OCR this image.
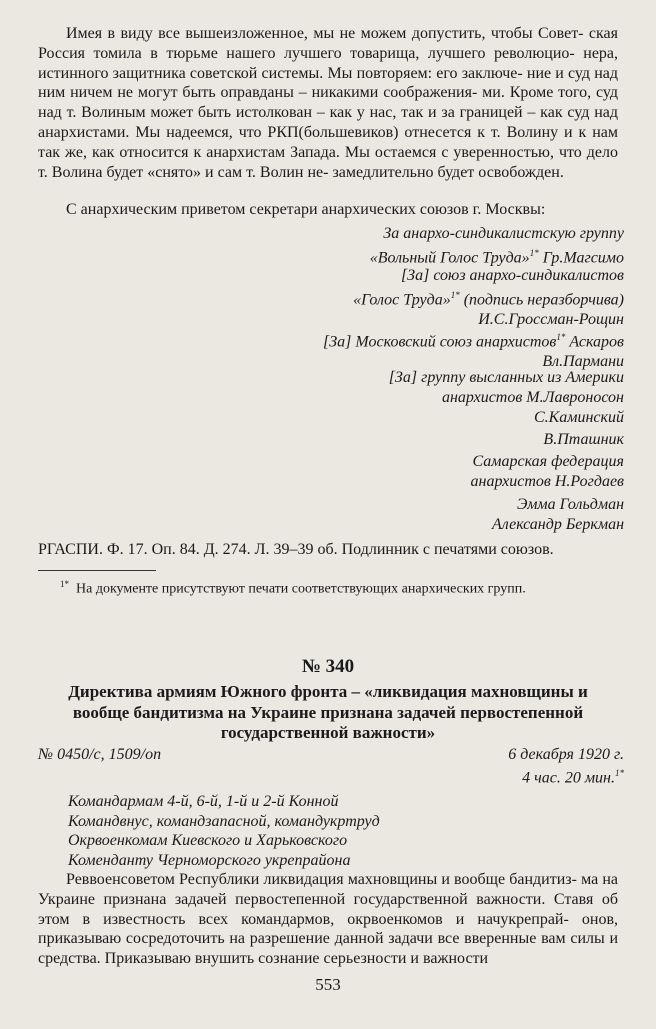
Имея в виду все вышеизложенное, мы не можем допустить, чтобы Совет- ская Россия томила в тюрьме нашего лучшего товарища, лучшего революцио- нера, истинного защитника советской системы. Мы повторяем: его заключе- ние и суд над ним ничем не могут быть оправданы – никакими соображения- ми. Кроме того, суд над т. Волиным может быть истолкован – как у нас, так и за границей – как суд над анархистами. Мы надеемся, что РКП(большевиков) отнесется к т. Волину и к нам так же, как относится к анархистам Запада. Мы остаемся с уверенностью, что дело т. Волина будет «снято» и сам т. Волин не- замедлительно будет освобожден.

С анархическим приветом секретари анархических союзов г. Москвы:

За анархо-синдикалистскую группу
«Вольный Голос Труда»$^{1*}$ Гр.Магсимо
[За] союз анархо-синдикалистов
«Голос Труда»$^{1*}$ (подпись неразборчива)
И.С.Гроссман-Рощин
[За] Московский союз анархистов$^{1*}$ Аскаров
Вл.Пармани
[За] группу высланных из Америки
анархистов М.Лавроносон
С.Каминский
В.Пташник
Самарская федерация
анархистов Н.Рогдаев
Эмма Гольдман
Александр Беркман

РГАСПИ. Ф. 17. Оп. 84. Д. 274. Л. 39–39 об. Подлинник с печатями союзов.

$^{1*}$ На документе присутствуют печати соответствующих анархических групп.

№ 340

Директива армиям Южного фронта – «ликвидация махновщины и
вообще бандитизма на Украине признана задачей первостепенной
государственной важности»

№ 0450/с, 1509/оп	6 декабря 1920 г.
4 час. 20 мин.$^{1*}$

Командармам 4-й, 6-й, 1-й и 2-й Конной
Командвнус, командзапасной, командукртруд
Окрвоенкомам Киевского и Харьковского
Коменданту Черноморского укрепрайона

Реввоенсоветом Республики ликвидация махновщины и вообще бандитиз- ма на Украине признана задачей первостепенной государственной важности. Ставя об этом в известность всех командармов, окрвоенкомов и начукрепрай- онов, приказываю сосредоточить на разрешение данной задачи все вверенные вам силы и средства. Приказываю внушить сознание серьезности и важности

553
